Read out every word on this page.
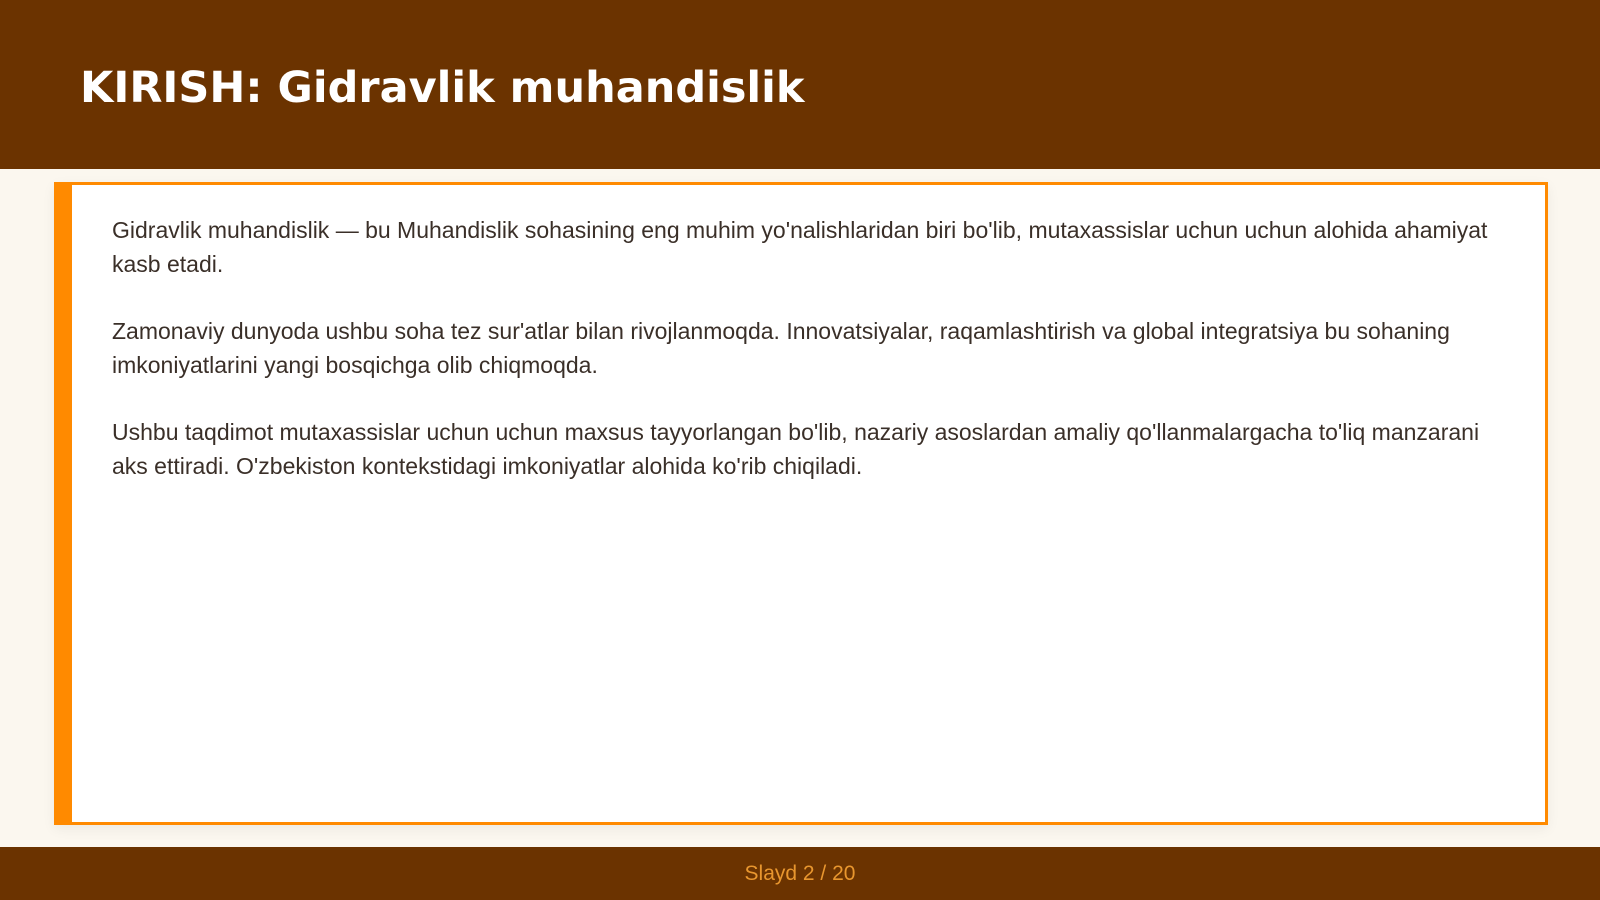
KIRISH: Gidravlik muhandislik

Gidravlik muhandislik — bu Muhandislik sohasining eng muhim yo'nalishlaridan biri bo'lib, mutaxassislar uchun uchun alohida ahamiyat kasb etadi.

Zamonaviy dunyoda ushbu soha tez sur'atlar bilan rivojlanmoqda. Innovatsiyalar, raqamlashtirish va global integratsiya bu sohaning imkoniyatlarini yangi bosqichga olib chiqmoqda.

Ushbu taqdimot mutaxassislar uchun uchun maxsus tayyorlangan bo'lib, nazariy asoslardan amaliy qo'llanmalargacha to'liq manzarani aks ettiradi. O'zbekiston kontekstidagi imkoniyatlar alohida ko'rib chiqiladi.

Slayd 2 / 20
